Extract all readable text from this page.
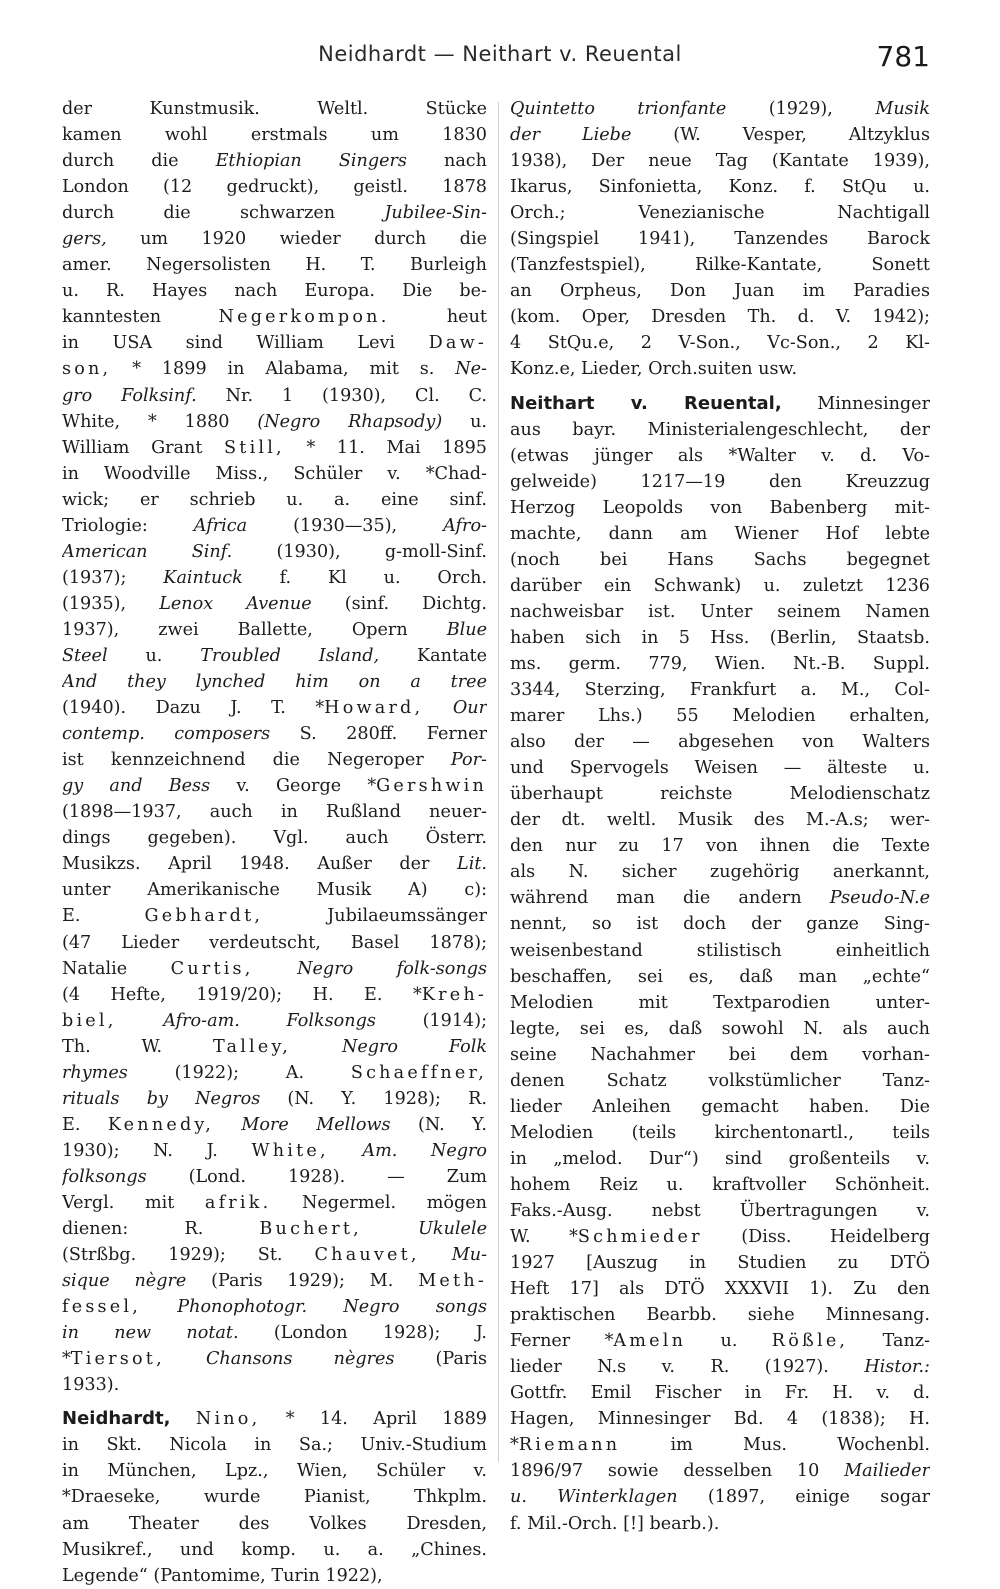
Neidhardt — Neithart v. Reuental	781
der Kunstmusik. Weltl. Stücke
kamen wohl erstmals um 1830
durch die Ethiopian Singers nach
London (12 gedruckt), geistl. 1878
durch die schwarzen Jubilee-Sin-
gers, um 1920 wieder durch die
amer. Negersolisten H. T. Burleigh
u. R. Hayes nach Europa. Die be-
kanntesten Negerkompon. heut
in USA sind William Levi Daw-
son, * 1899 in Alabama, mit s. Ne-
gro Folksinf. Nr. 1 (1930), Cl. C.
White, * 1880 (Negro Rhapsody) u.
William Grant Still, * 11. Mai 1895
in Woodville Miss., Schüler v. *Chad-
wick; er schrieb u. a. eine sinf.
Triologie: Africa (1930—35), Afro-
American Sinf. (1930), g-moll-Sinf.
(1937); Kaintuck f. Kl u. Orch.
(1935), Lenox Avenue (sinf. Dichtg.
1937), zwei Ballette, Opern Blue
Steel u. Troubled Island, Kantate
And they lynched him on a tree
(1940). Dazu J. T. *Howard, Our
contemp. composers S. 280ff. Ferner
ist kennzeichnend die Negeroper Por-
gy and Bess v. George *Gershwin
(1898—1937, auch in Rußland neuer-
dings gegeben). Vgl. auch Österr.
Musikzs. April 1948. Außer der Lit.
unter Amerikanische Musik A) c):
E. Gebhardt, Jubilaeumssänger
(47 Lieder verdeutscht, Basel 1878);
Natalie Curtis, Negro folk-songs
(4 Hefte, 1919/20); H. E. *Kreh-
biel,	Afro-am. Folksongs (1914);
Th. W. Talley,	Negro Folk
rhymes (1922); A. Schaeffner,
rituals by Negros (N. Y. 1928); R.
E. Kennedy, More Mellows (N. Y.
1930); N. J. White, Am. Negro
folksongs (Lond. 1928). — Zum
Vergl. mit afrik. Negermel. mögen
dienen: R. Buchert,	Ukulele
(Strßbg. 1929); St. Chauvet, Mu-
sique nègre (Paris 1929); M. Meth-
fessel, Phonophotogr. Negro songs
in new notat. (London 1928); J.
*Tiersot, Chansons nègres (Paris
1933).
Neidhardt, Nino, * 14. April 1889
in Skt. Nicola in Sa.; Univ.-Studium
in München, Lpz., Wien, Schüler v.
*Draeseke, wurde Pianist, Thkplm.
am Theater des Volkes Dresden,
Musikref., und komp. u. a. „Chines.
Legende“ (Pantomime, Turin 1922),
Quintetto trionfante (1929), Musik
der Liebe (W. Vesper, Altzyklus
1938), Der neue Tag (Kantate 1939),
Ikarus, Sinfonietta, Konz. f. StQu u.
Orch.; Venezianische Nachtigall
(Singspiel 1941), Tanzendes Barock
(Tanzfestspiel), Rilke-Kantate, Sonett
an Orpheus, Don Juan im Paradies
(kom. Oper, Dresden Th. d. V. 1942);
4 StQu.e, 2 V-Son., Vc-Son., 2 Kl-
Konz.e, Lieder, Orch.suiten usw.
Neithart v. Reuental, Minnesinger
aus bayr. Ministerialengeschlecht, der
(etwas jünger als *Walter v. d. Vo-
gelweide) 1217—19 den Kreuzzug
Herzog Leopolds von Babenberg mit-
machte, dann am Wiener Hof lebte
(noch bei Hans Sachs begegnet
darüber ein Schwank) u. zuletzt 1236
nachweisbar ist. Unter seinem Namen
haben sich in 5 Hss. (Berlin, Staatsb.
ms. germ. 779, Wien. Nt.-B. Suppl.
3344, Sterzing, Frankfurt a. M., Col-
marer Lhs.) 55 Melodien erhalten,
also der — abgesehen von Walters
und Spervogels Weisen — älteste u.
überhaupt reichste Melodienschatz
der dt. weltl. Musik des M.-A.s; wer-
den nur zu 17 von ihnen die Texte
als N. sicher zugehörig anerkannt,
während man die andern Pseudo-N.e
nennt, so ist doch der ganze Sing-
weisenbestand stilistisch einheitlich
beschaffen, sei es, daß man „echte“
Melodien mit Textparodien unter-
legte, sei es, daß sowohl N. als auch
seine Nachahmer bei dem vorhan-
denen Schatz volkstümlicher Tanz-
lieder Anleihen gemacht haben. Die
Melodien (teils kirchentonartl., teils
in „melod. Dur“) sind großenteils v.
hohem Reiz u. kraftvoller Schönheit.
Faks.-Ausg. nebst Übertragungen v.
W. *Schmieder (Diss. Heidelberg
1927 [Auszug in Studien zu DTÖ
Heft 17] als DTÖ XXXVII 1). Zu den
praktischen Bearbb. siehe Minnesang.
Ferner *Ameln u. Rößle, Tanz-
lieder N.s v. R. (1927). Histor.:
Gottfr. Emil Fischer in Fr. H. v. d.
Hagen, Minnesinger Bd. 4 (1838); H.
*Riemann im Mus. Wochenbl.
1896/97 sowie desselben 10 Mailieder
u. Winterklagen (1897, einige sogar
f. Mil.-Orch. [!] bearb.).
